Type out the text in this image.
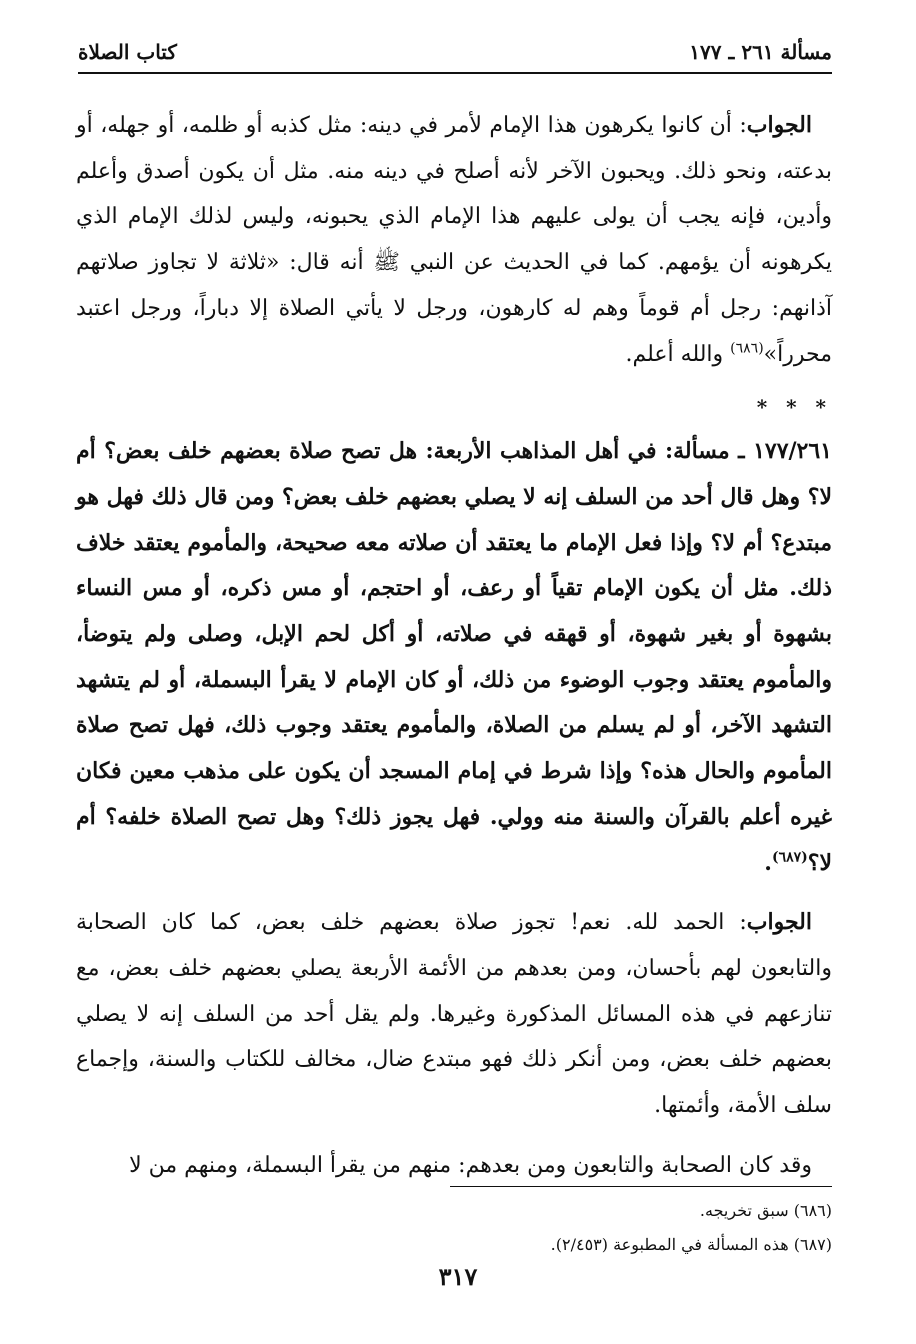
مسألة ٢٦١ ـ ١٧٧
كتاب الصلاة

الجواب: أن كانوا يكرهون هذا الإمام لأمر في دينه: مثل كذبه أو ظلمه، أو جهله، أو بدعته، ونحو ذلك. ويحبون الآخر لأنه أصلح في دينه منه. مثل أن يكون أصدق وأعلم وأدين، فإنه يجب أن يولى عليهم هذا الإمام الذي يحبونه، وليس لذلك الإمام الذي يكرهونه أن يؤمهم. كما في الحديث عن النبي ﷺ أنه قال: «ثلاثة لا تجاوز صلاتهم آذانهم: رجل أم قوماً وهم له كارهون، ورجل لا يأتي الصلاة إلا دباراً، ورجل اعتبد محرراً»$^{(٦٨٦)}$ والله أعلم.

* * *

١٧٧/٢٦١ ـ مسألة: في أهل المذاهب الأربعة: هل تصح صلاة بعضهم خلف بعض؟ أم لا؟ وهل قال أحد من السلف إنه لا يصلي بعضهم خلف بعض؟ ومن قال ذلك فهل هو مبتدع؟ أم لا؟ وإذا فعل الإمام ما يعتقد أن صلاته معه صحيحة، والمأموم يعتقد خلاف ذلك. مثل أن يكون الإمام تقياً أو رعف، أو احتجم، أو مس ذكره، أو مس النساء بشهوة أو بغير شهوة، أو قهقه في صلاته، أو أكل لحم الإبل، وصلى ولم يتوضأ، والمأموم يعتقد وجوب الوضوء من ذلك، أو كان الإمام لا يقرأ البسملة، أو لم يتشهد التشهد الآخر، أو لم يسلم من الصلاة، والمأموم يعتقد وجوب ذلك، فهل تصح صلاة المأموم والحال هذه؟ وإذا شرط في إمام المسجد أن يكون على مذهب معين فكان غيره أعلم بالقرآن والسنة منه وولي. فهل يجوز ذلك؟ وهل تصح الصلاة خلفه؟ أم لا؟$^{(٦٨٧)}$.

الجواب: الحمد لله. نعم! تجوز صلاة بعضهم خلف بعض، كما كان الصحابة والتابعون لهم بأحسان، ومن بعدهم من الأئمة الأربعة يصلي بعضهم خلف بعض، مع تنازعهم في هذه المسائل المذكورة وغيرها. ولم يقل أحد من السلف إنه لا يصلي بعضهم خلف بعض، ومن أنكر ذلك فهو مبتدع ضال، مخالف للكتاب والسنة، وإجماع سلف الأمة، وأئمتها.

وقد كان الصحابة والتابعون ومن بعدهم: منهم من يقرأ البسملة، ومنهم من لا

(٦٨٦) سبق تخريجه.

(٦٨٧) هذه المسألة في المطبوعة (٢/٤٥٣).

٣١٧
